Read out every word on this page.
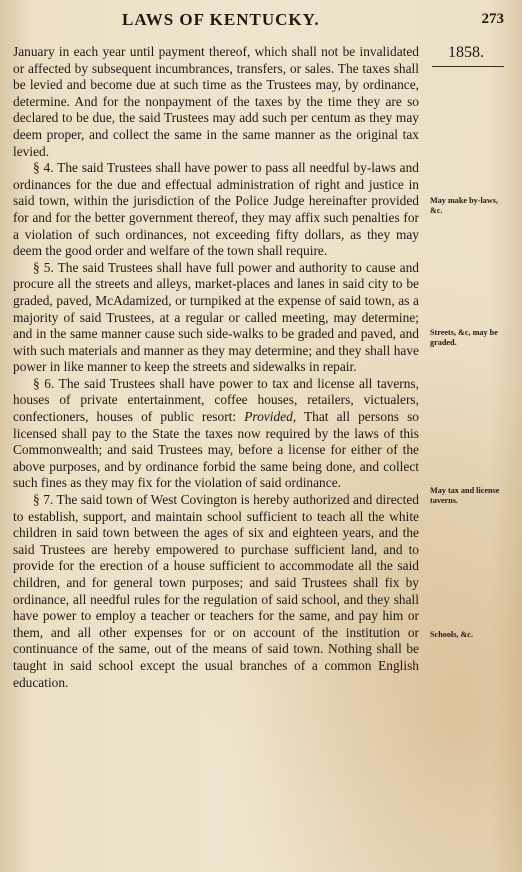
LAWS OF KENTUCKY.	273
1858.

January in each year until payment thereof, which shall not be invalidated or affected by subsequent incumbrances, transfers, or sales. The taxes shall be levied and become due at such time as the Trustees may, by ordinance, determine. And for the nonpayment of the taxes by the time they are so declared to be due, the said Trustees may add such per centum as they may deem proper, and collect the same in the same manner as the original tax levied.

§ 4. The said Trustees shall have power to pass all needful by-laws and ordinances for the due and effectual administration of right and justice in said town, within the jurisdiction of the Police Judge hereinafter provided for and for the better government thereof, they may affix such penalties for a violation of such ordinances, not exceeding fifty dollars, as they may deem the good order and welfare of the town shall require.

§ 5. The said Trustees shall have full power and authority to cause and procure all the streets and alleys, market-places and lanes in said city to be graded, paved, McAdamized, or turnpiked at the expense of said town, as a majority of said Trustees, at a regular or called meeting, may determine; and in the same manner cause such side-walks to be graded and paved, and with such materials and manner as they may determine; and they shall have power in like manner to keep the streets and sidewalks in repair.

§ 6. The said Trustees shall have power to tax and license all taverns, houses of private entertainment, coffee houses, retailers, victualers, confectioners, houses of public resort: Provided, That all persons so licensed shall pay to the State the taxes now required by the laws of this Commonwealth; and said Trustees may, before a license for either of the above purposes, and by ordinance forbid the same being done, and collect such fines as they may fix for the violation of said ordinance.

§ 7. The said town of West Covington is hereby authorized and directed to establish, support, and maintain school sufficient to teach all the white children in said town between the ages of six and eighteen years, and the said Trustees are hereby empowered to purchase sufficient land, and to provide for the erection of a house sufficient to accommodate all the said children, and for general town purposes; and said Trustees shall fix by ordinance, all needful rules for the regulation of said school, and they shall have power to employ a teacher or teachers for the same, and pay him or them, and all other expenses for or on account of the institution or continuance of the same, out of the means of said town. Nothing shall be taught in said school except the usual branches of a common English education.

May make by-laws, &c.
Streets, &c, may be graded.
May tax and license taverns.
Schools, &c.
